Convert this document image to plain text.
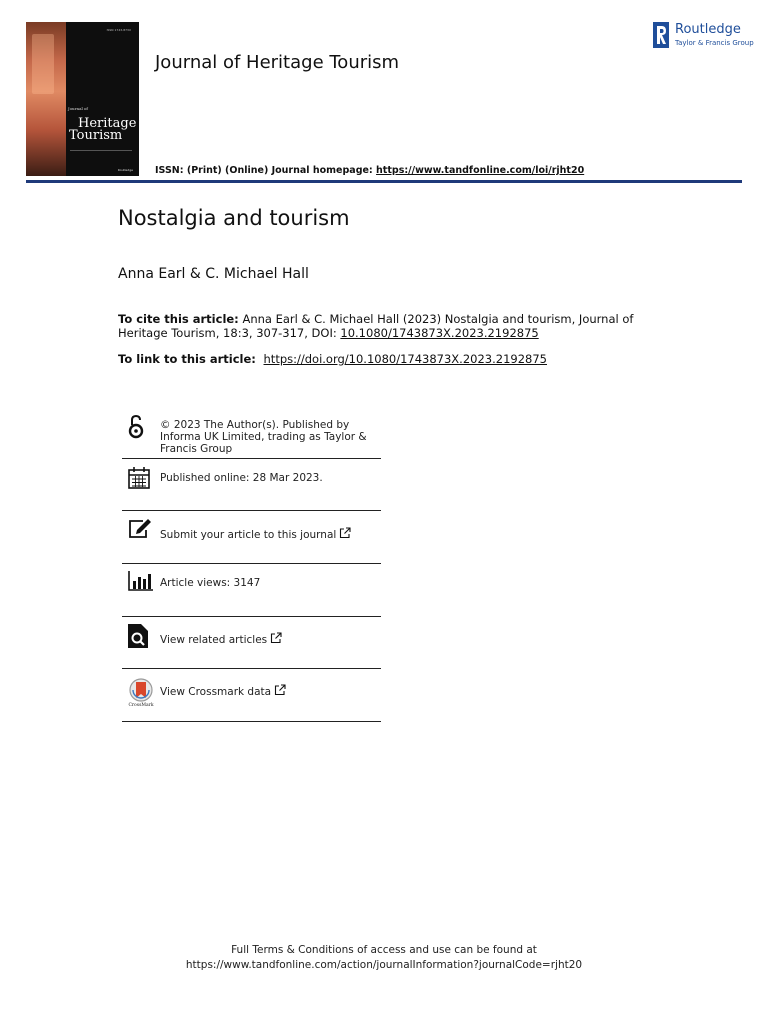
ISSN 1743-873X
Journal of
Heritage
Tourism
Routledge
Journal of Heritage Tourism
ISSN: (Print) (Online) Journal homepage: https://www.tandfonline.com/loi/rjht20
Routledge
Taylor & Francis Group
Nostalgia and tourism
Anna Earl & C. Michael Hall
To cite this article: Anna Earl & C. Michael Hall (2023) Nostalgia and tourism, Journal of Heritage Tourism, 18:3, 307-317, DOI: 10.1080/1743873X.2023.2192875
To link to this article:  https://doi.org/10.1080/1743873X.2023.2192875
© 2023 The Author(s). Published by Informa UK Limited, trading as Taylor & Francis Group
Published online: 28 Mar 2023.
Submit your article to this journal
Article views: 3147
View related articles
CrossMark
View Crossmark data
Full Terms & Conditions of access and use can be found at
https://www.tandfonline.com/action/journalInformation?journalCode=rjht20
